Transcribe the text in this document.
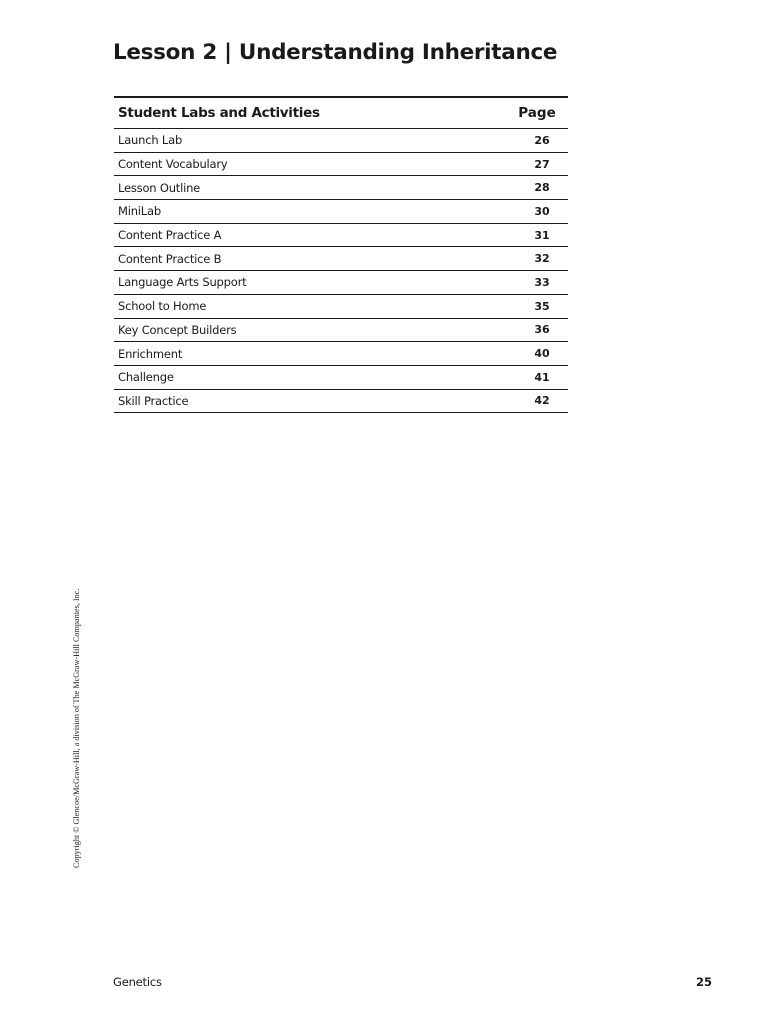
Lesson 2 | Understanding Inheritance
Student Labs and Activities	Page
Launch Lab	26
Content Vocabulary	27
Lesson Outline	28
MiniLab	30
Content Practice A	31
Content Practice B	32
Language Arts Support	33
School to Home	35
Key Concept Builders	36
Enrichment	40
Challenge	41
Skill Practice	42
Copyright © Glencoe/McGraw-Hill, a division of The McGraw-Hill Companies, Inc.
Genetics	25
